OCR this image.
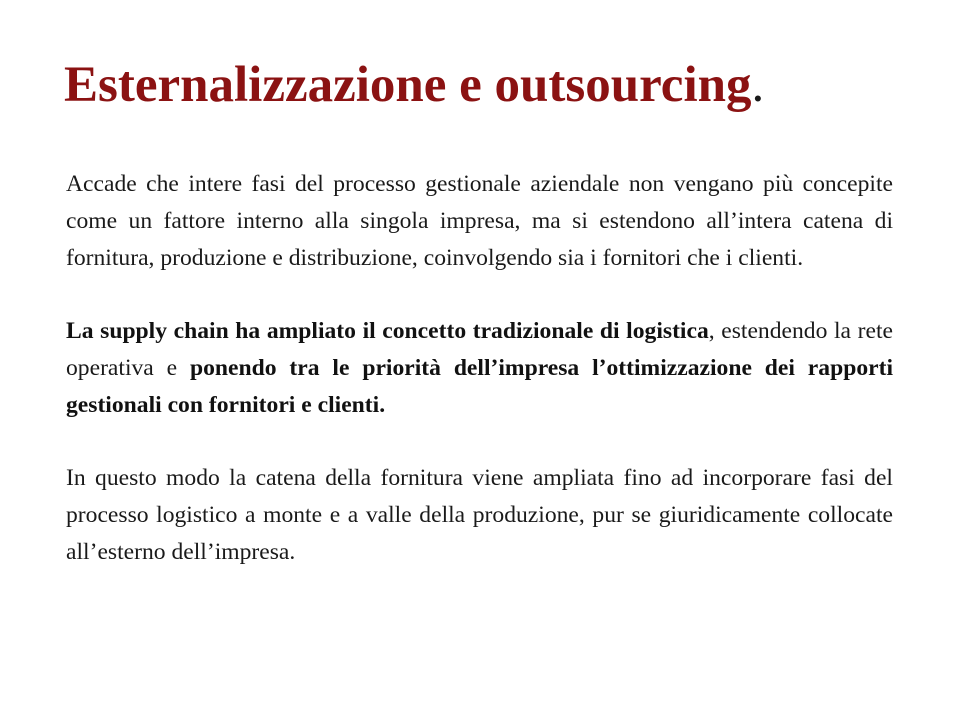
Esternalizzazione e outsourcing.

Accade che intere fasi del processo gestionale aziendale non vengano più concepite come un fattore interno alla singola impresa, ma si estendono all’intera catena di fornitura, produzione e distribuzione, coinvolgendo sia i fornitori che i clienti.

La supply chain ha ampliato il concetto tradizionale di logistica, estendendo la rete operativa e ponendo tra le priorità dell’impresa l’ottimizzazione dei rapporti gestionali con fornitori e clienti.

In questo modo la catena della fornitura viene ampliata fino ad incorporare fasi del processo logistico a monte e a valle della produzione, pur se giuridicamente collocate all’esterno dell’impresa.
